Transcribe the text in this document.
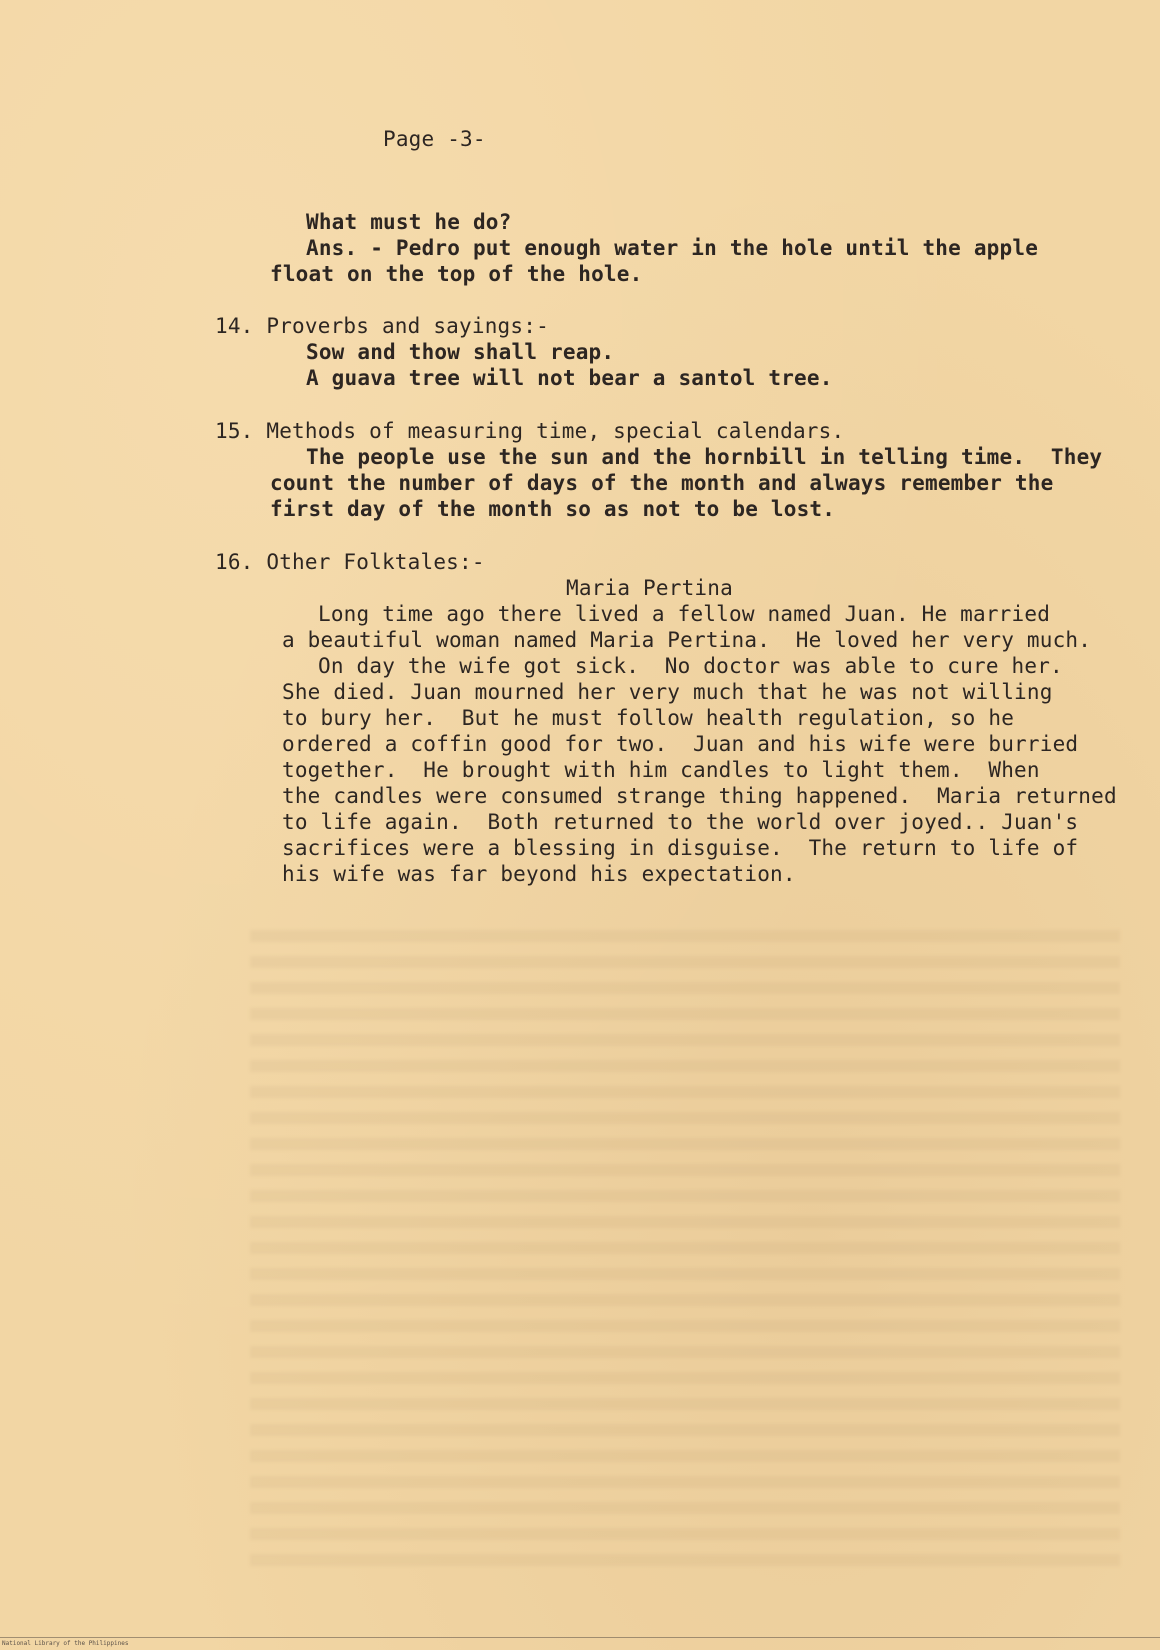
Page -3-
What must he do?
Ans. - Pedro put enough water in the hole until the apple
float on the top of the hole.
14. Proverbs and sayings:-
Sow and thow shall reap.
A guava tree will not bear a santol tree.
15. Methods of measuring time, special calendars.
The people use the sun and the hornbill in telling time.  They
count the number of days of the month and always remember the
first day of the month so as not to be lost.
16. Other Folktales:-
Maria Pertina
Long time ago there lived a fellow named Juan. He married
a beautiful woman named Maria Pertina.  He loved her very much.
On day the wife got sick.  No doctor was able to cure her.
She died. Juan mourned her very much that he was not willing
to bury her.  But he must follow health regulation, so he
ordered a coffin good for two.  Juan and his wife were burried
together.  He brought with him candles to light them.  When
the candles were consumed strange thing happened.  Maria returned
to life again.  Both returned to the world over joyed.. Juan's
sacrifices were a blessing in disguise.  The return to life of
his wife was far beyond his expectation.
National Library of the Philippines
